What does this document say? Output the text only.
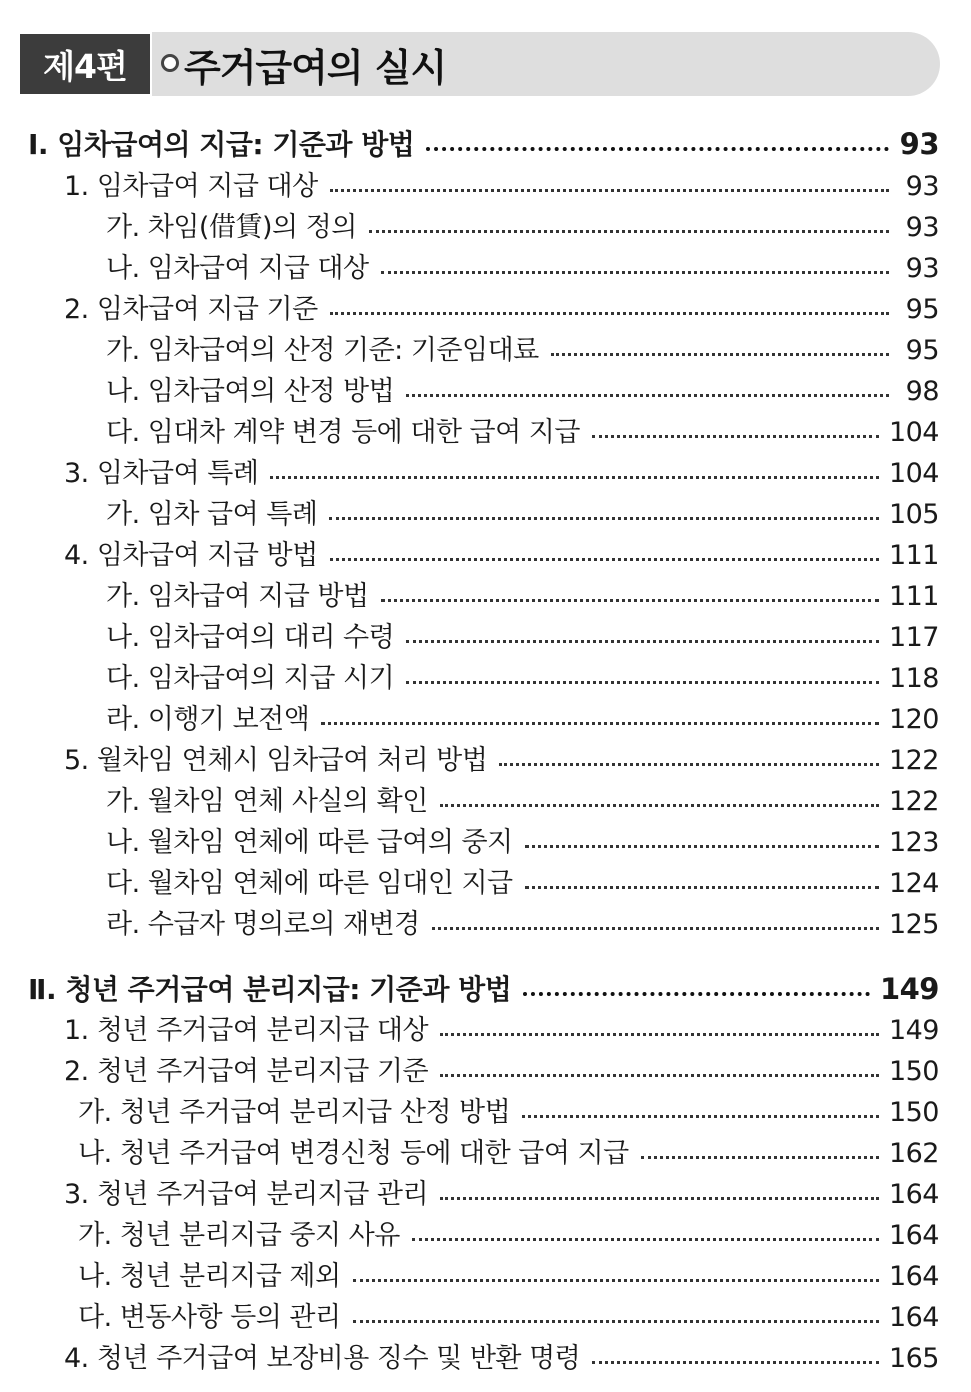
제4편	주거급여의 실시
Ⅰ. 임차급여의 지급: 기준과 방법	93
1. 임차급여 지급 대상	93
가. 차임(借賃)의 정의	93
나. 임차급여 지급 대상	93
2. 임차급여 지급 기준	95
가. 임차급여의 산정 기준: 기준임대료	95
나. 임차급여의 산정 방법	98
다. 임대차 계약 변경 등에 대한 급여 지급	104
3. 임차급여 특례	104
가. 임차 급여 특례	105
4. 임차급여 지급 방법	111
가. 임차급여 지급 방법	111
나. 임차급여의 대리 수령	117
다. 임차급여의 지급 시기	118
라. 이행기 보전액	120
5. 월차임 연체시 임차급여 처리 방법	122
가. 월차임 연체 사실의 확인	122
나. 월차임 연체에 따른 급여의 중지	123
다. 월차임 연체에 따른 임대인 지급	124
라. 수급자 명의로의 재변경	125
Ⅱ. 청년 주거급여 분리지급: 기준과 방법	149
1. 청년 주거급여 분리지급 대상	149
2. 청년 주거급여 분리지급 기준	150
가. 청년 주거급여 분리지급 산정 방법	150
나. 청년 주거급여 변경신청 등에 대한 급여 지급	162
3. 청년 주거급여 분리지급 관리	164
가. 청년 분리지급 중지 사유	164
나. 청년 분리지급 제외	164
다. 변동사항 등의 관리	164
4. 청년 주거급여 보장비용 징수 및 반환 명령	165
